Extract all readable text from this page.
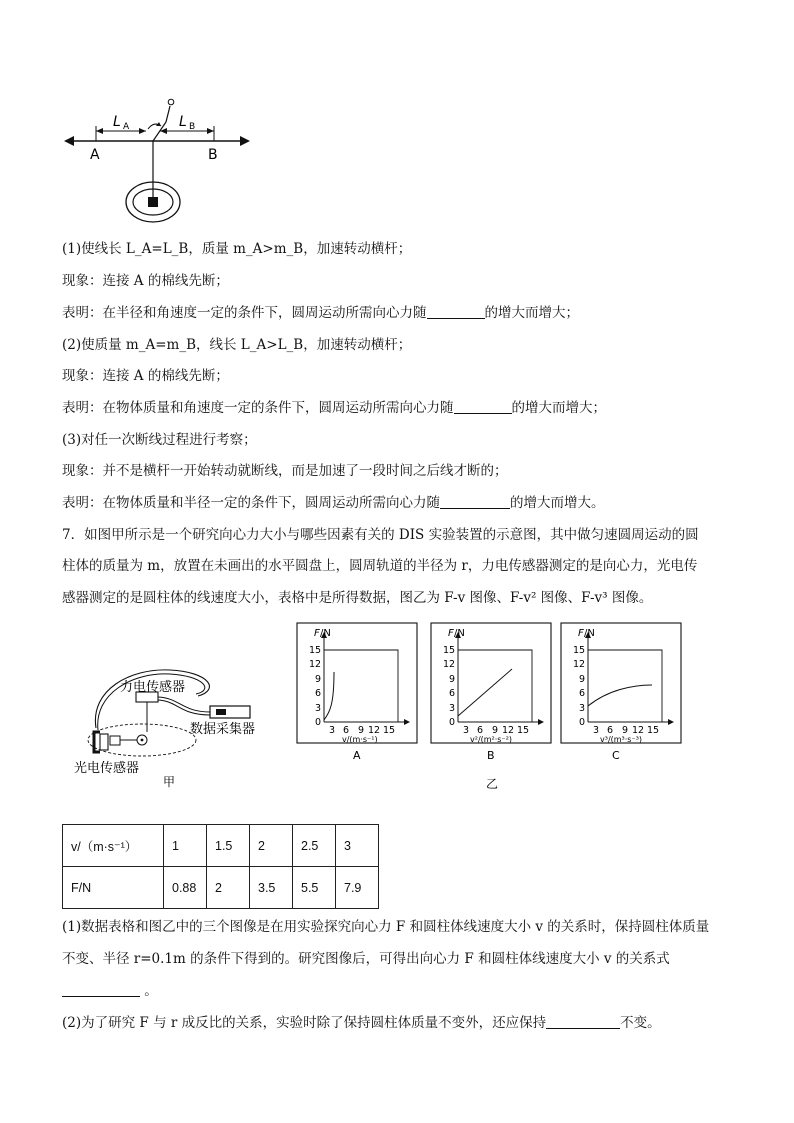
L A	L B
A	B
(1)使线长 L_A=L_B，质量 m_A>m_B，加速转动横杆；
现象：连接 A 的棉线先断；
表明：在半径和角速度一定的条件下，圆周运动所需向心力随	的增大而增大；
(2)使质量 m_A=m_B，线长 L_A>L_B，加速转动横杆；
现象：连接 A 的棉线先断；
表明：在物体质量和角速度一定的条件下，圆周运动所需向心力随	的增大而增大；
(3)对任一次断线过程进行考察；
现象：并不是横杆一开始转动就断线，而是加速了一段时间之后线才断的；
表明：在物体质量和半径一定的条件下，圆周运动所需向心力随	的增大而增大。
7．如图甲所示是一个研究向心力大小与哪些因素有关的 DIS 实验装置的示意图，其中做匀速圆周运动的圆
柱体的质量为 m，放置在未画出的水平圆盘上，圆周轨道的半径为 r，力电传感器测定的是向心力，光电传
感器测定的是圆柱体的线速度大小，表格中是所得数据，图乙为 F-v 图像、F-v² 图像、F-v³ 图像。
力电传感器
数据采集器
光电传感器
甲
F /N
15
12
9
6
3
0
3 6 9 12 15
v/(m·s⁻¹)
A
F /N
15
12
9
6
3
0
3 6 9 12 15
v²/(m²·s⁻²)
B
F /N
15
12
9
6
3
0
3 6 9 12 15
v³/(m³·s⁻³)
C
乙
v/（m·s⁻¹）	1	1.5	2	2.5	3
F/N	0.88	2	3.5	5.5	7.9
(1)数据表格和图乙中的三个图像是在用实验探究向心力 F 和圆柱体线速度大小 v 的关系时，保持圆柱体质量
不变、半径 r=0.1m 的条件下得到的。研究图像后，可得出向心力 F 和圆柱体线速度大小 v 的关系式
。
(2)为了研究 F 与 r 成反比的关系，实验时除了保持圆柱体质量不变外，还应保持	不变。
